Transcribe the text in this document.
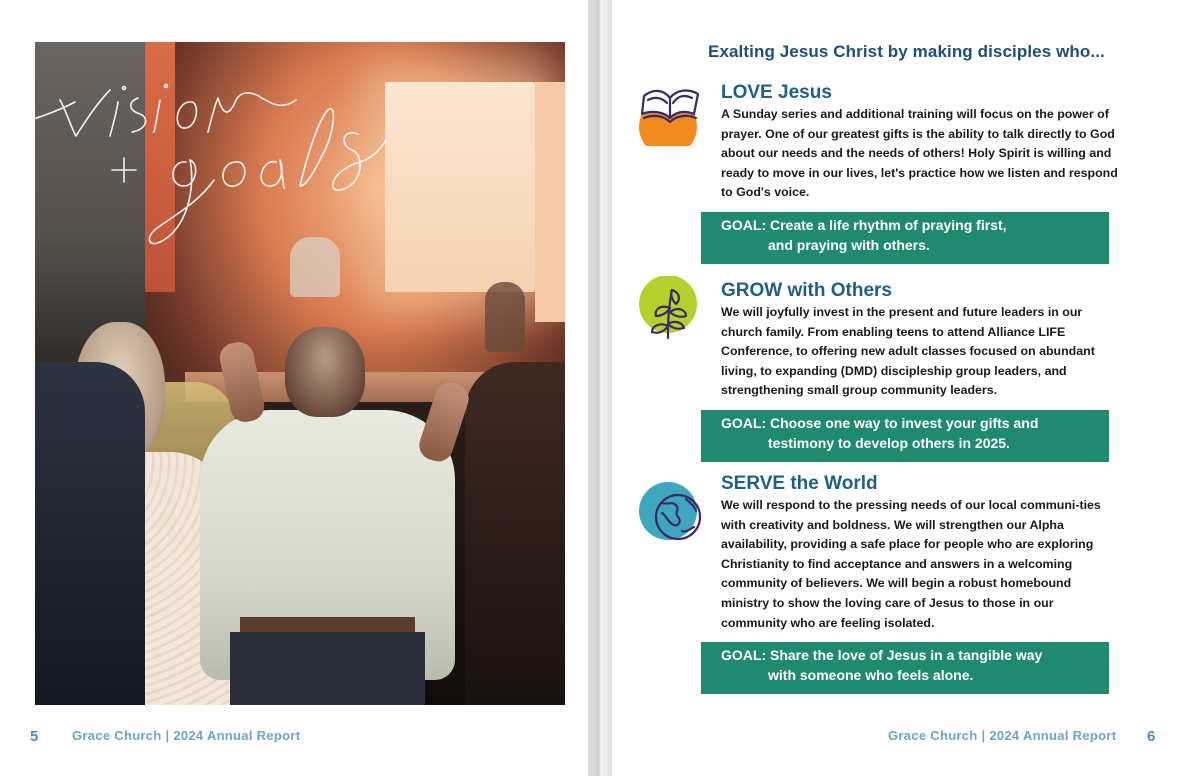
5	Grace Church | 2024 Annual Report
Exalting Jesus Christ by making disciples who...
LOVE Jesus
A Sunday series and additional training will focus on the power of prayer. One of our greatest gifts is the ability to talk directly to God about our needs and the needs of others! Holy Spirit is willing and ready to move in our lives, let's practice how we listen and respond to God's voice.
GOAL: Create a life rhythm of praying first,
and praying with others.
GROW with Others
We will joyfully invest in the present and future leaders in our church family. From enabling teens to attend Alliance LIFE Conference, to offering new adult classes focused on abundant living, to expanding (DMD) discipleship group leaders, and strengthening small group community leaders.
GOAL: Choose one way to invest your gifts and
testimony to develop others in 2025.
SERVE the World
We will respond to the pressing needs of our local communi-ties with creativity and boldness. We will strengthen our Alpha availability, providing a safe place for people who are exploring Christianity to find acceptance and answers in a welcoming community of believers. We will begin a robust homebound ministry to show the loving care of Jesus to those in our community who are feeling isolated.
GOAL: Share the love of Jesus in a tangible way
with someone who feels alone.
Grace Church | 2024 Annual Report 6
